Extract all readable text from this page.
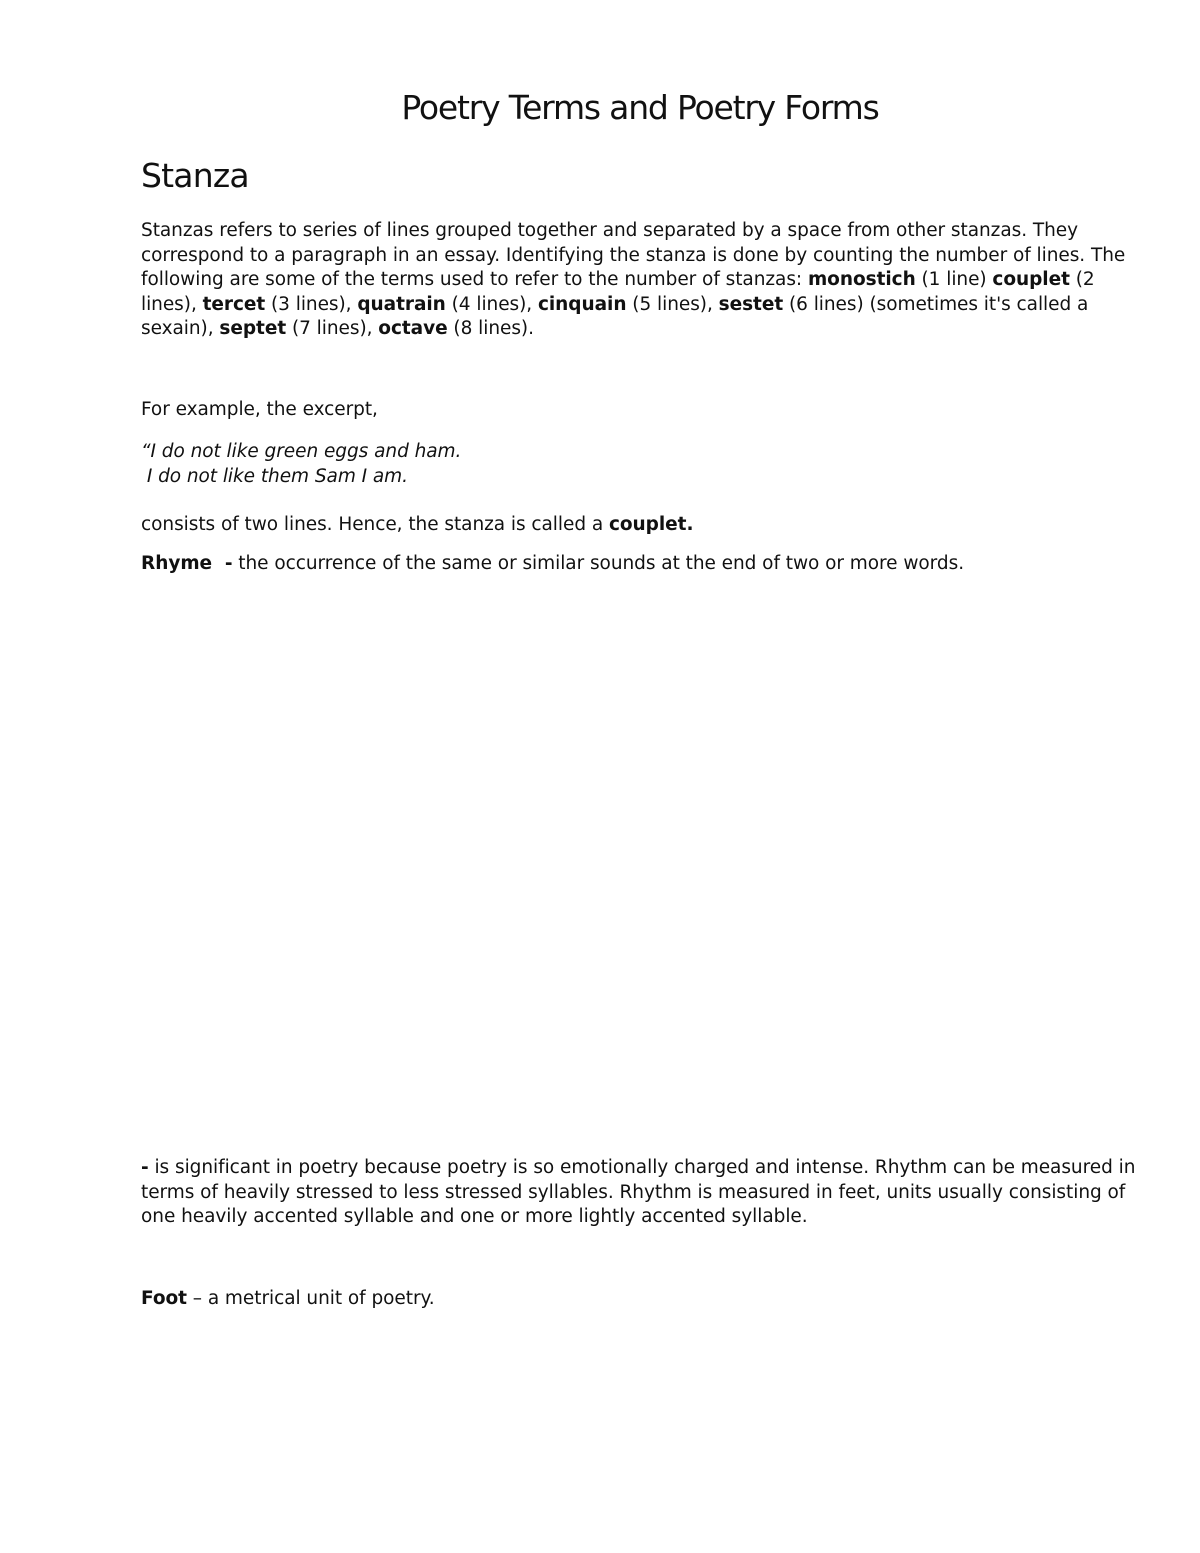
Poetry Terms and Poetry Forms
Stanza

Stanzas refers to series of lines grouped together and separated by a space from other stanzas. They correspond to a paragraph in an essay. Identifying the stanza is done by counting the number of lines. The following are some of the terms used to refer to the number of stanzas: monostich (1 line) couplet (2 lines), tercet (3 lines), quatrain (4 lines), cinquain (5 lines), sestet (6 lines) (sometimes it's called a sexain), septet (7 lines), octave (8 lines).

For example, the excerpt,

“I do not like green eggs and ham.
I do not like them Sam I am.

consists of two lines. Hence, the stanza is called a couplet.

Rhyme  - the occurrence of the same or similar sounds at the end of two or more words.

- is significant in poetry because poetry is so emotionally charged and intense. Rhythm can be measured in terms of heavily stressed to less stressed syllables. Rhythm is measured in feet, units usually consisting of one heavily accented syllable and one or more lightly accented syllable.

Foot – a metrical unit of poetry.
